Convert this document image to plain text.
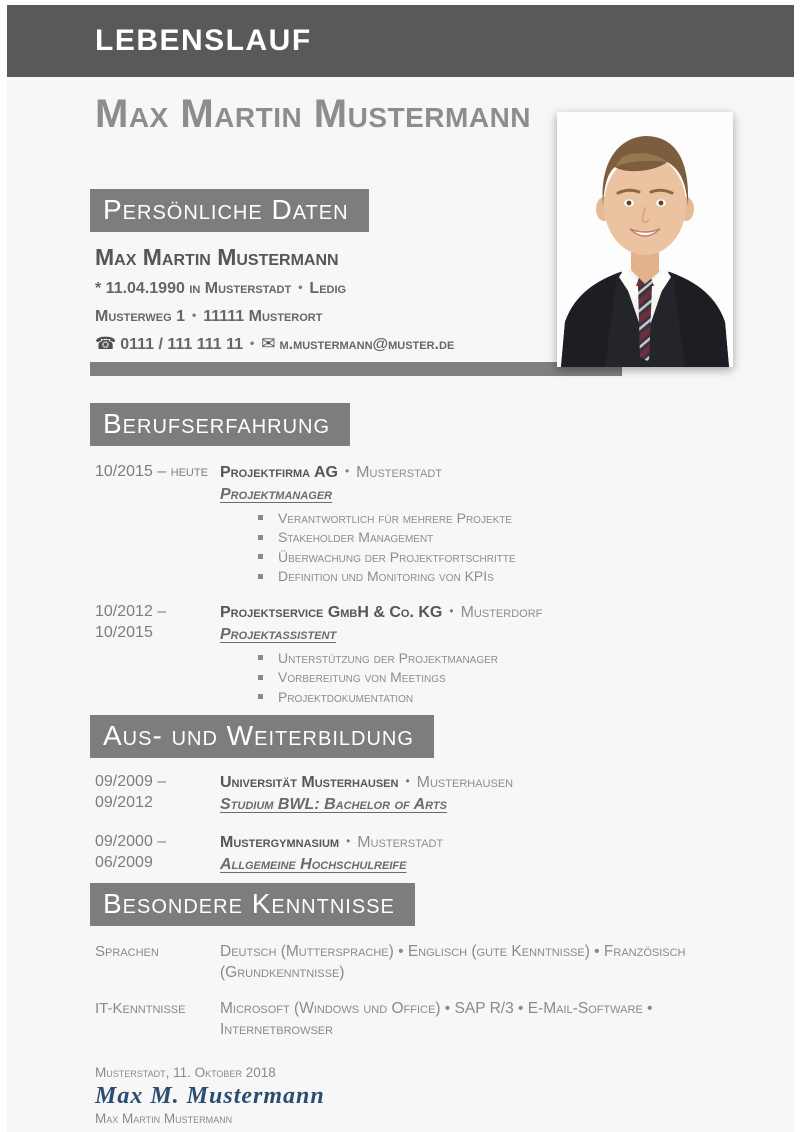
LEBENSLAUF
Max Martin Mustermann
Persönliche Daten
Max Martin Mustermann
* 11.04.1990 in Musterstadt • Ledig
Musterweg 1 • 11111 Musterort
☎ 0111 / 111 111 11 • ✉ m.mustermann@muster.de
Berufserfahrung
10/2015 – heute Projektfirma AG • Musterstadt
Projektmanager
Verantwortlich für mehrere Projekte
Stakeholder Management
Überwachung der Projektfortschritte
Definition und Monitoring von KPIs
10/2012 – 10/2015
Projektservice GmbH & Co. KG • Musterdorf
Projektassistent
Unterstützung der Projektmanager
Vorbereitung von Meetings
Projektdokumentation
Aus- und Weiterbildung
09/2009 – 09/2012
Universität Musterhausen • Musterhausen
Studium BWL: Bachelor of Arts
09/2000 – 06/2009
Mustergymnasium • Musterstadt
Allgemeine Hochschulreife
Besondere Kenntnisse
Sprachen	Deutsch (Muttersprache) • Englisch (gute Kenntnisse) • Französisch (Grundkenntnisse)
IT-Kenntnisse	Microsoft (Windows und Office) • SAP R/3 • E-Mail-Software • Internetbrowser
Musterstadt, 11. Oktober 2018
Max M. Mustermann
Max Martin Mustermann
